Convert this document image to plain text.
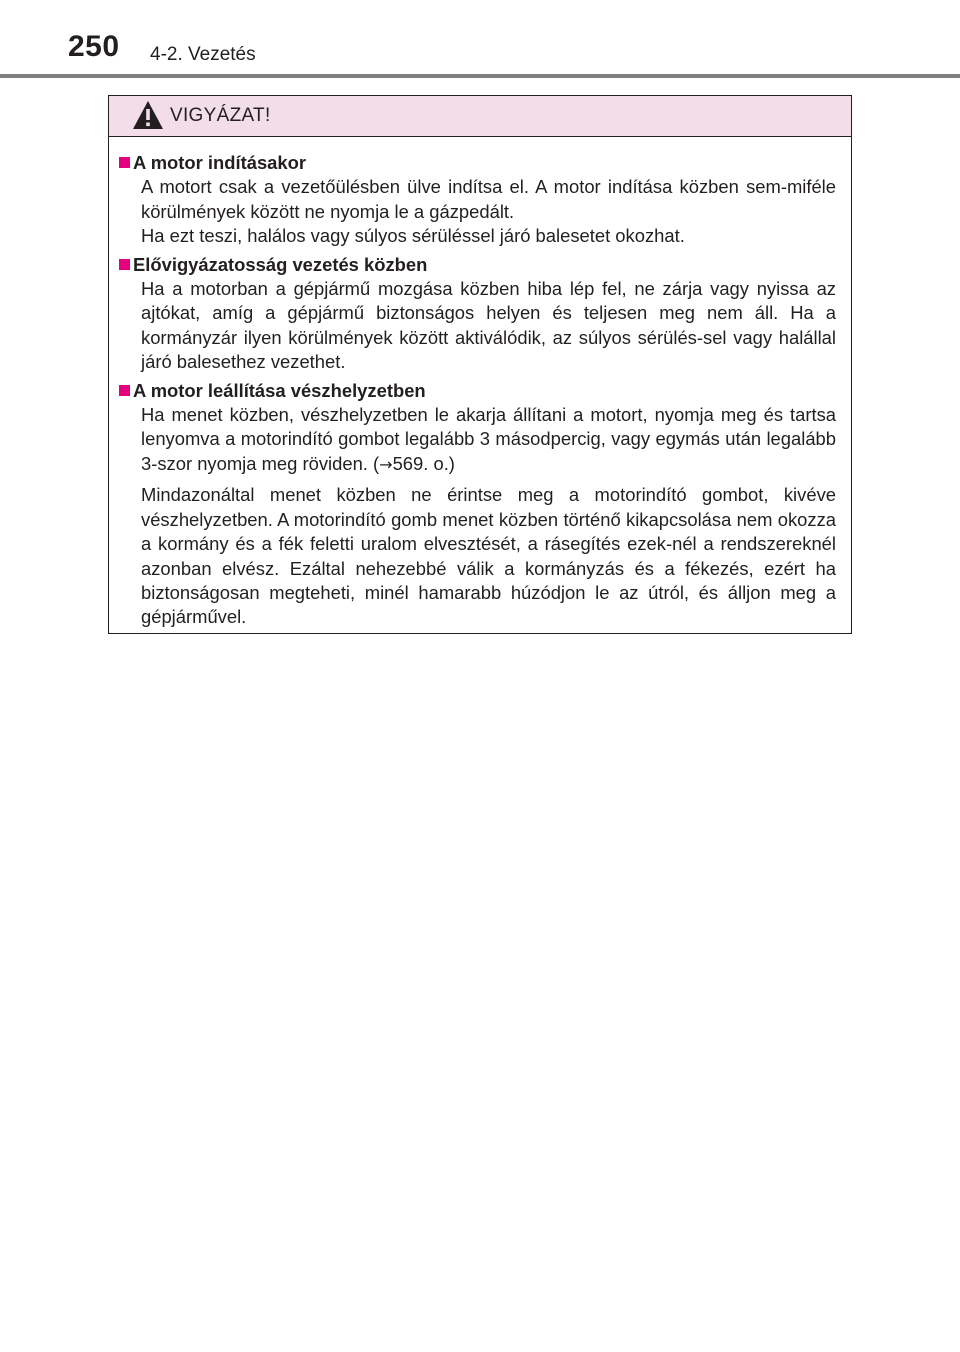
250 4-2. Vezetés
VIGYÁZAT!
A motor indításakor
A motort csak a vezetőülésben ülve indítsa el. A motor indítása közben sem-miféle körülmények között ne nyomja le a gázpedált.
Ha ezt teszi, halálos vagy súlyos sérüléssel járó balesetet okozhat.
Elővigyázatosság vezetés közben
Ha a motorban a gépjármű mozgása közben hiba lép fel, ne zárja vagy nyissa az ajtókat, amíg a gépjármű biztonságos helyen és teljesen meg nem áll. Ha a kormányzár ilyen körülmények között aktiválódik, az súlyos sérülés-sel vagy halállal járó balesethez vezethet.
A motor leállítása vészhelyzetben
Ha menet közben, vészhelyzetben le akarja állítani a motort, nyomja meg és tartsa lenyomva a motorindító gombot legalább 3 másodpercig, vagy egymás után legalább 3-szor nyomja meg röviden. (→569. o.)
Mindazonáltal menet közben ne érintse meg a motorindító gombot, kivéve vészhelyzetben. A motorindító gomb menet közben történő kikapcsolása nem okozza a kormány és a fék feletti uralom elvesztését, a rásegítés ezek-nél a rendszereknél azonban elvész. Ezáltal nehezebbé válik a kormányzás és a fékezés, ezért ha biztonságosan megteheti, minél hamarabb húzódjon le az útról, és álljon meg a gépjárművel.
